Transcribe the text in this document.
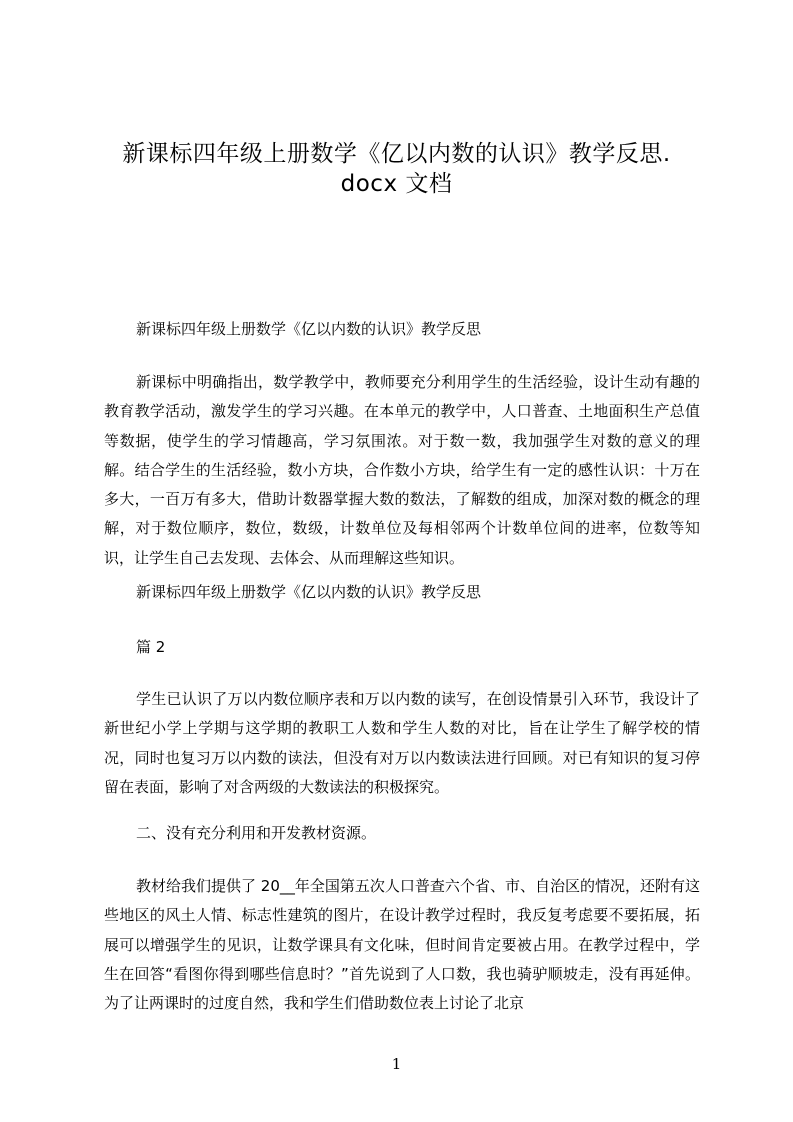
新课标四年级上册数学《亿以内数的认识》教学反思.
docx 文档
新课标四年级上册数学《亿以内数的认识》教学反思
新课标中明确指出，数学教学中，教师要充分利用学生的生活经验，设计生动有趣的教育教学活动，激发学生的学习兴趣。在本单元的教学中，人口普查、土地面积生产总值等数据，使学生的学习情趣高，学习氛围浓。对于数一数，我加强学生对数的意义的理解。结合学生的生活经验，数小方块，合作数小方块，给学生有一定的感性认识：十万在多大，一百万有多大，借助计数器掌握大数的数法，了解数的组成，加深对数的概念的理解，对于数位顺序，数位，数级，计数单位及每相邻两个计数单位间的进率，位数等知识，让学生自己去发现、去体会、从而理解这些知识。
新课标四年级上册数学《亿以内数的认识》教学反思
篇 2
学生已认识了万以内数位顺序表和万以内数的读写，在创设情景引入环节，我设计了新世纪小学上学期与这学期的教职工人数和学生人数的对比，旨在让学生了解学校的情况，同时也复习万以内数的读法，但没有对万以内数读法进行回顾。对已有知识的复习停留在表面，影响了对含两级的大数读法的积极探究。
二、没有充分利用和开发教材资源。
教材给我们提供了 20__年全国第五次人口普查六个省、市、自治区的情况，还附有这些地区的风土人情、标志性建筑的图片，在设计教学过程时，我反复考虑要不要拓展，拓展可以增强学生的见识，让数学课具有文化味，但时间肯定要被占用。在教学过程中，学生在回答“看图你得到哪些信息时？”首先说到了人口数，我也骑驴顺坡走，没有再延伸。为了让两课时的过度自然，我和学生们借助数位表上讨论了北京
1
